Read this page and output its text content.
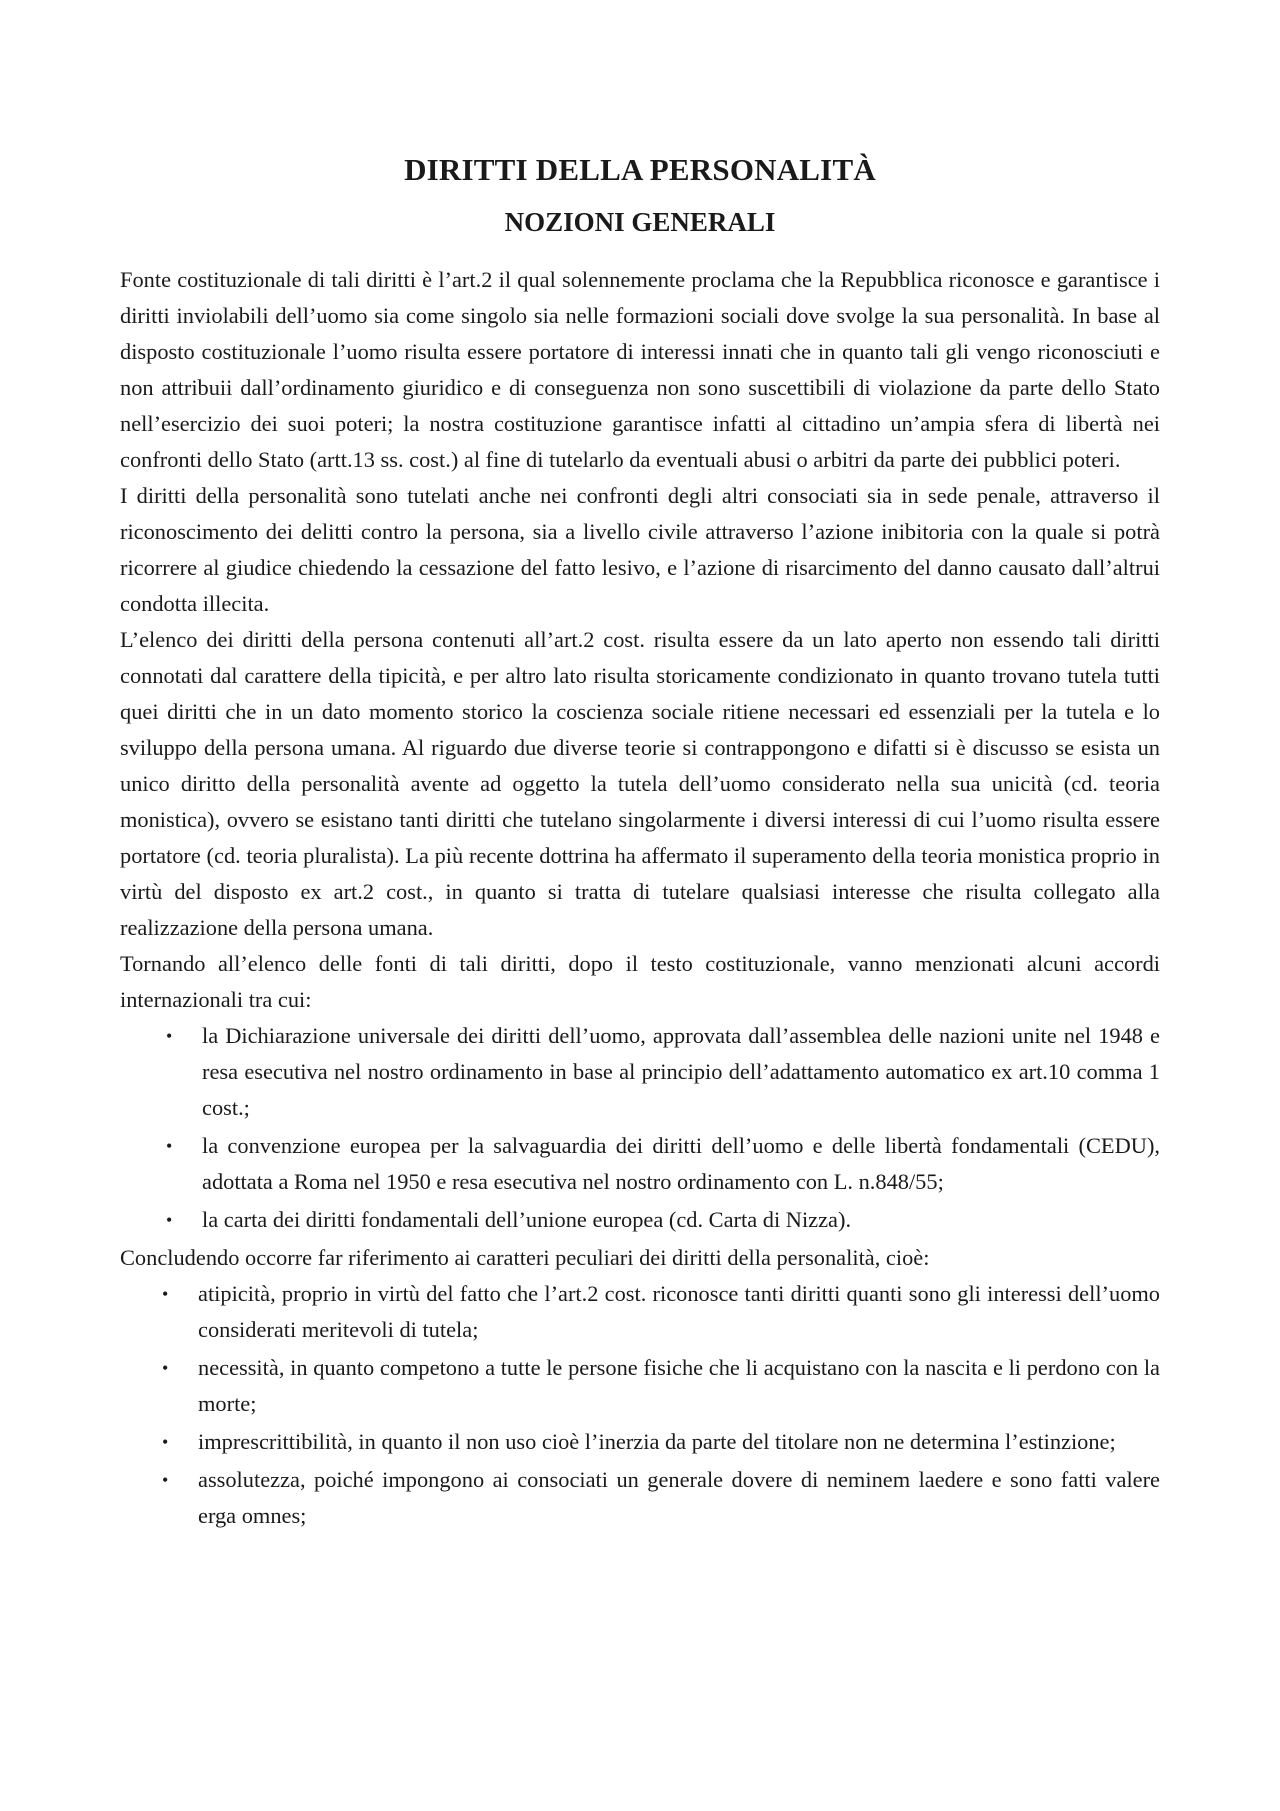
DIRITTI DELLA PERSONALITÀ
NOZIONI GENERALI

Fonte costituzionale di tali diritti è l’art.2 il qual solennemente proclama che la Repubblica riconosce e garantisce i diritti inviolabili dell’uomo sia come singolo sia nelle formazioni sociali dove svolge la sua personalità. In base al disposto costituzionale l’uomo risulta essere portatore di interessi innati che in quanto tali gli vengo riconosciuti e non attribuii dall’ordinamento giuridico e di conseguenza non sono suscettibili di violazione da parte dello Stato nell’esercizio dei suoi poteri; la nostra costituzione garantisce infatti al cittadino un’ampia sfera di libertà nei confronti dello Stato (artt.13 ss. cost.) al fine di tutelarlo da eventuali abusi o arbitri da parte dei pubblici poteri.

I diritti della personalità sono tutelati anche nei confronti degli altri consociati sia in sede penale, attraverso il riconoscimento dei delitti contro la persona, sia a livello civile attraverso l’azione inibitoria con la quale si potrà ricorrere al giudice chiedendo la cessazione del fatto lesivo, e l’azione di risarcimento del danno causato dall’altrui condotta illecita.

L’elenco dei diritti della persona contenuti all’art.2 cost. risulta essere da un lato aperto non essendo tali diritti connotati dal carattere della tipicità, e per altro lato risulta storicamente condizionato in quanto trovano tutela tutti quei diritti che in un dato momento storico la coscienza sociale ritiene necessari ed essenziali per la tutela e lo sviluppo della persona umana. Al riguardo due diverse teorie si contrappongono e difatti si è discusso se esista un unico diritto della personalità avente ad oggetto la tutela dell’uomo considerato nella sua unicità (cd. teoria monistica), ovvero se esistano tanti diritti che tutelano singolarmente i diversi interessi di cui l’uomo risulta essere portatore (cd. teoria pluralista). La più recente dottrina ha affermato il superamento della teoria monistica proprio in virtù del disposto ex art.2 cost., in quanto si tratta di tutelare qualsiasi interesse che risulta collegato alla realizzazione della persona umana.

Tornando all’elenco delle fonti di tali diritti, dopo il testo costituzionale, vanno menzionati alcuni accordi internazionali tra cui:

• la Dichiarazione universale dei diritti dell’uomo, approvata dall’assemblea delle nazioni unite nel 1948 e resa esecutiva nel nostro ordinamento in base al principio dell’adattamento automatico ex art.10 comma 1 cost.;
• la convenzione europea per la salvaguardia dei diritti dell’uomo e delle libertà fondamentali (CEDU), adottata a Roma nel 1950 e resa esecutiva nel nostro ordinamento con L. n.848/55;
• la carta dei diritti fondamentali dell’unione europea (cd. Carta di Nizza).

Concludendo occorre far riferimento ai caratteri peculiari dei diritti della personalità, cioè:

• atipicità, proprio in virtù del fatto che l’art.2 cost. riconosce tanti diritti quanti sono gli interessi dell’uomo considerati meritevoli di tutela;
• necessità, in quanto competono a tutte le persone fisiche che li acquistano con la nascita e li perdono con la morte;
• imprescrittibilità, in quanto il non uso cioè l’inerzia da parte del titolare non ne determina l’estinzione;
• assolutezza, poiché impongono ai consociati un generale dovere di neminem laedere e sono fatti valere erga omnes;
